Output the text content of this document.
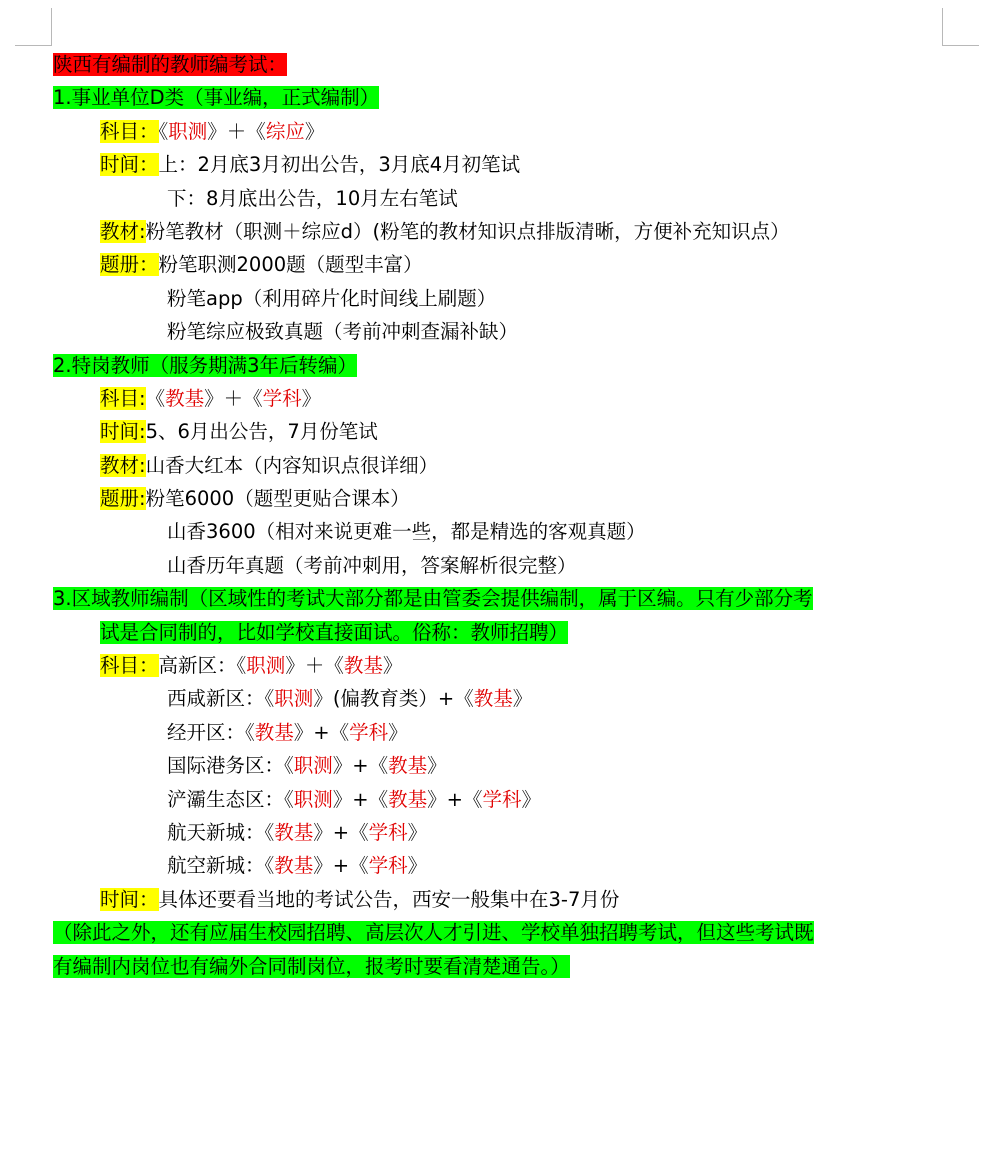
陕西有编制的教师编考试：
1.事业单位D类（事业编，正式编制）
科目：《职测》＋《综应》
时间：上：2月底3月初出公告，3月底4月初笔试
下：8月底出公告，10月左右笔试
教材:粉笔教材（职测＋综应d）(粉笔的教材知识点排版清晰，方便补充知识点）
题册：粉笔职测2000题（题型丰富）
粉笔app（利用碎片化时间线上刷题）
粉笔综应极致真题（考前冲刺查漏补缺）
2.特岗教师（服务期满3年后转编）
科目:《教基》＋《学科》
时间:5、6月出公告，7月份笔试
教材:山香大红本（内容知识点很详细）
题册:粉笔6000（题型更贴合课本）
山香3600（相对来说更难一些，都是精选的客观真题）
山香历年真题（考前冲刺用，答案解析很完整）
3.区域教师编制（区域性的考试大部分都是由管委会提供编制，属于区编。只有少部分考
试是合同制的，比如学校直接面试。俗称：教师招聘）
科目：高新区：《职测》＋《教基》
西咸新区：《职测》(偏教育类）+《教基》
经开区：《教基》+《学科》
国际港务区：《职测》+《教基》
浐灞生态区：《职测》+《教基》+《学科》
航天新城：《教基》+《学科》
航空新城：《教基》+《学科》
时间：具体还要看当地的考试公告，西安一般集中在3-7月份
（除此之外，还有应届生校园招聘、高层次人才引进、学校单独招聘考试，但这些考试既
有编制内岗位也有编外合同制岗位，报考时要看清楚通告。）
